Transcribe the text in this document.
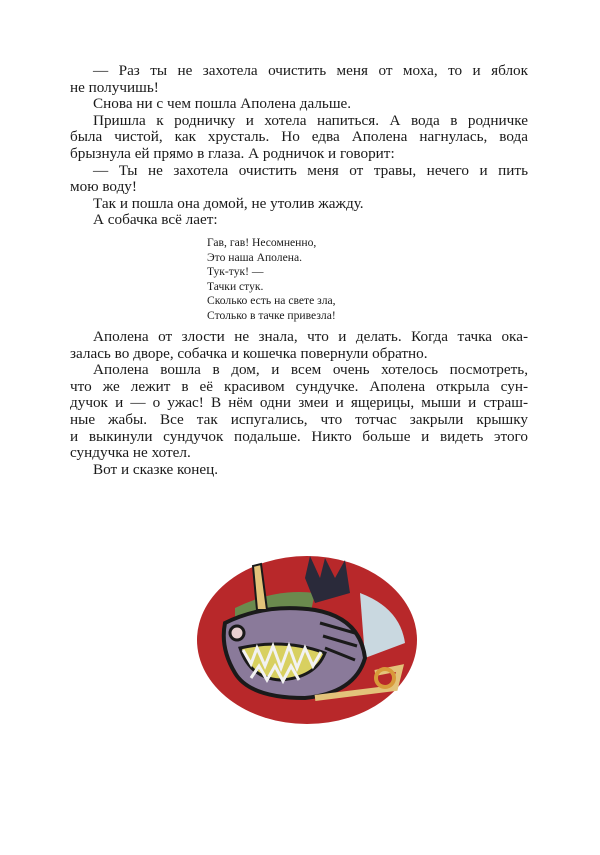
— Раз ты не захотела очистить меня от моха, то и яблок
не получишь!
Снова ни с чем пошла Аполена дальше.
Пришла к родничку и хотела напиться. А вода в родничке
была чистой, как хрусталь. Но едва Аполена нагнулась, вода
брызнула ей прямо в глаза. А родничок и говорит:
— Ты не захотела очистить меня от травы, нечего и пить
мою воду!
Так и пошла она домой, не утолив жажду.
А собачка всё лает:
Гав, гав! Несомненно,
Это наша Аполена.
Тук-тук! —
Тачки стук.
Сколько есть на свете зла,
Столько в тачке привезла!
Аполена от злости не знала, что и делать. Когда тачка ока-
залась во дворе, собачка и кошечка повернули обратно.
Аполена вошла в дом, и всем очень хотелось посмотреть,
что же лежит в её красивом сундучке. Аполена открыла сун-
дучок и — о ужас! В нём одни змеи и ящерицы, мыши и страш-
ные жабы. Все так испугались, что тотчас закрыли крышку
и выкинули сундучок подальше. Никто больше и видеть этого
сундучка не хотел.
Вот и сказке конец.
